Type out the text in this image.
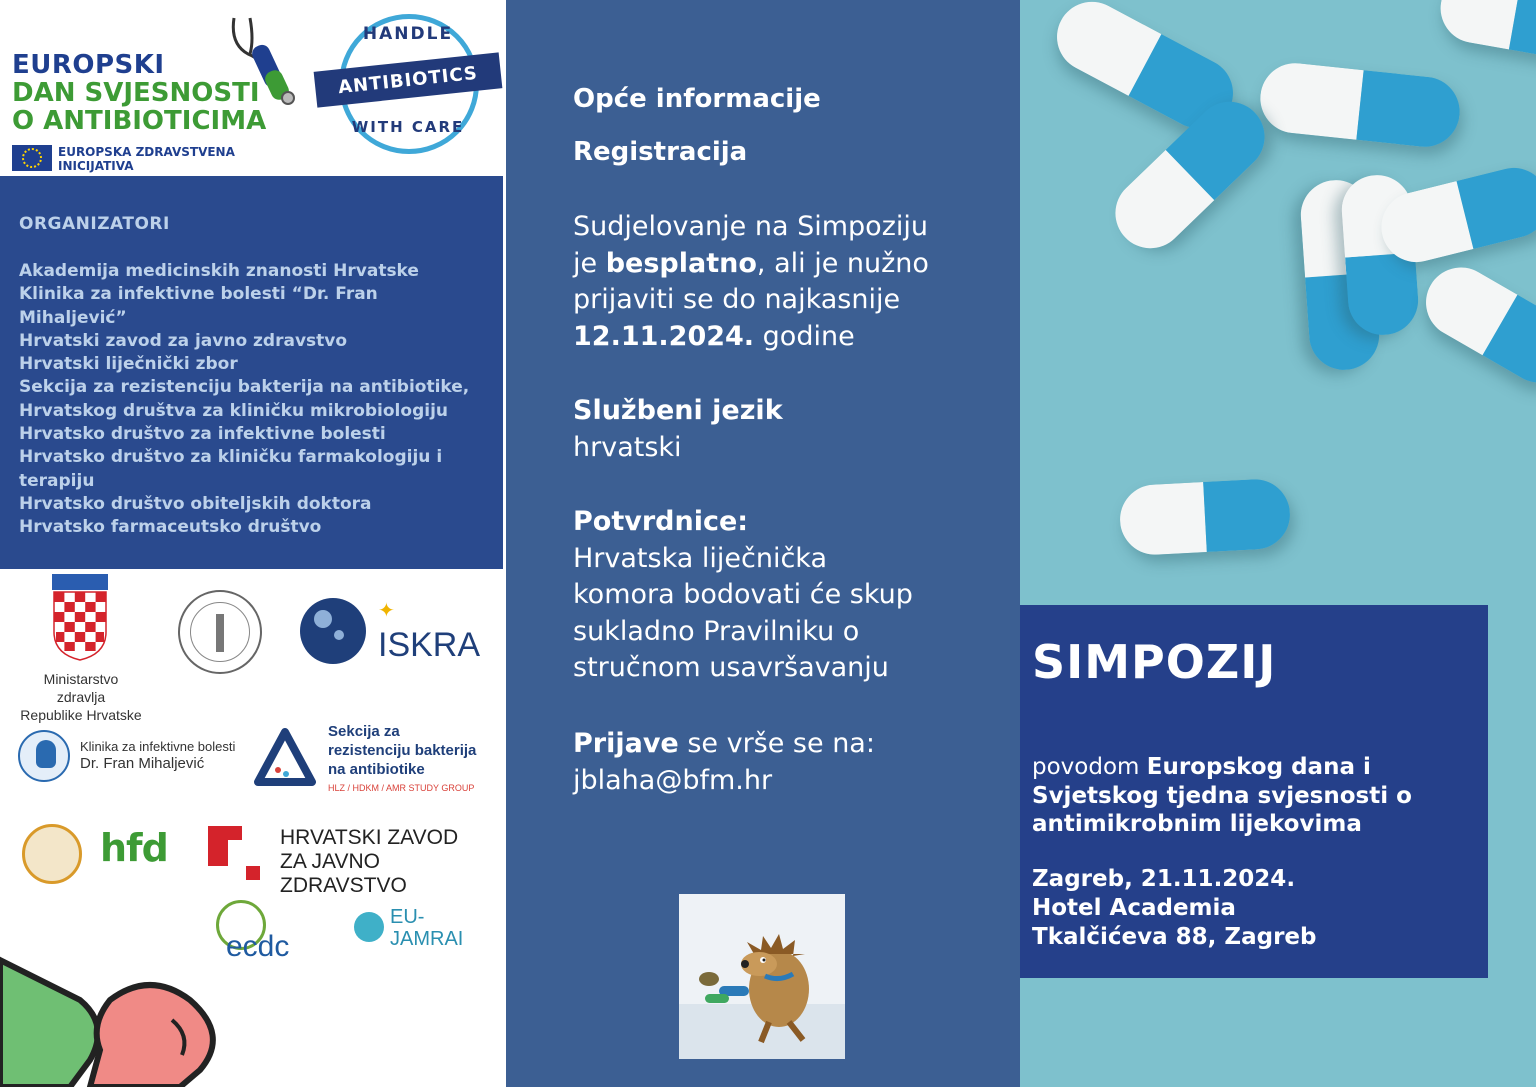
EUROPSKI
DAN SVJESNOSTI
O ANTIBIOTICIMA
EUROPSKA ZDRAVSTVENA
INICIJATIVA
HANDLE
ANTIBIOTICS
WITH CARE
ORGANIZATORI
Akademija medicinskih znanosti Hrvatske
Klinika za infektivne bolesti “Dr. Fran Mihaljević”
Hrvatski zavod za javno zdravstvo
Hrvatski liječnički zbor
Sekcija za rezistenciju bakterija na antibiotike,
Hrvatskog društva za kliničku mikrobiologiju
Hrvatsko društvo za infektivne bolesti
Hrvatsko društvo za kliničku farmakologiju i
terapiju
Hrvatsko društvo obiteljskih doktora
Hrvatsko farmaceutsko društvo
Ministarstvo zdravlja
Republike Hrvatske
✦
ISKRA
Klinika za infektivne bolesti
Dr. Fran Mihaljević
Sekcija za
rezistenciju bakterija
na antibiotike
HLZ / HDKM / AMR STUDY GROUP
hfd	HRVATSKI ZAVOD
ZA JAVNO ZDRAVSTVO
ecdc
EU-
JAMRAI
Opće informacije
Registracija
Sudjelovanje na Simpoziju
je besplatno, ali je nužno
prijaviti se do najkasnije
12.11.2024. godine
Službeni jezik
hrvatski
Potvrdnice:
Hrvatska liječnička
komora bodovati će skup
sukladno Pravilniku o
stručnom usavršavanju
Prijave se vrše se na:
jblaha@bfm.hr
SIMPOZIJ
povodom Europskog dana i Svjetskog tjedna svjesnosti o antimikrobnim lijekovima
Zagreb, 21.11.2024.
Hotel Academia
Tkalčićeva 88, Zagreb
